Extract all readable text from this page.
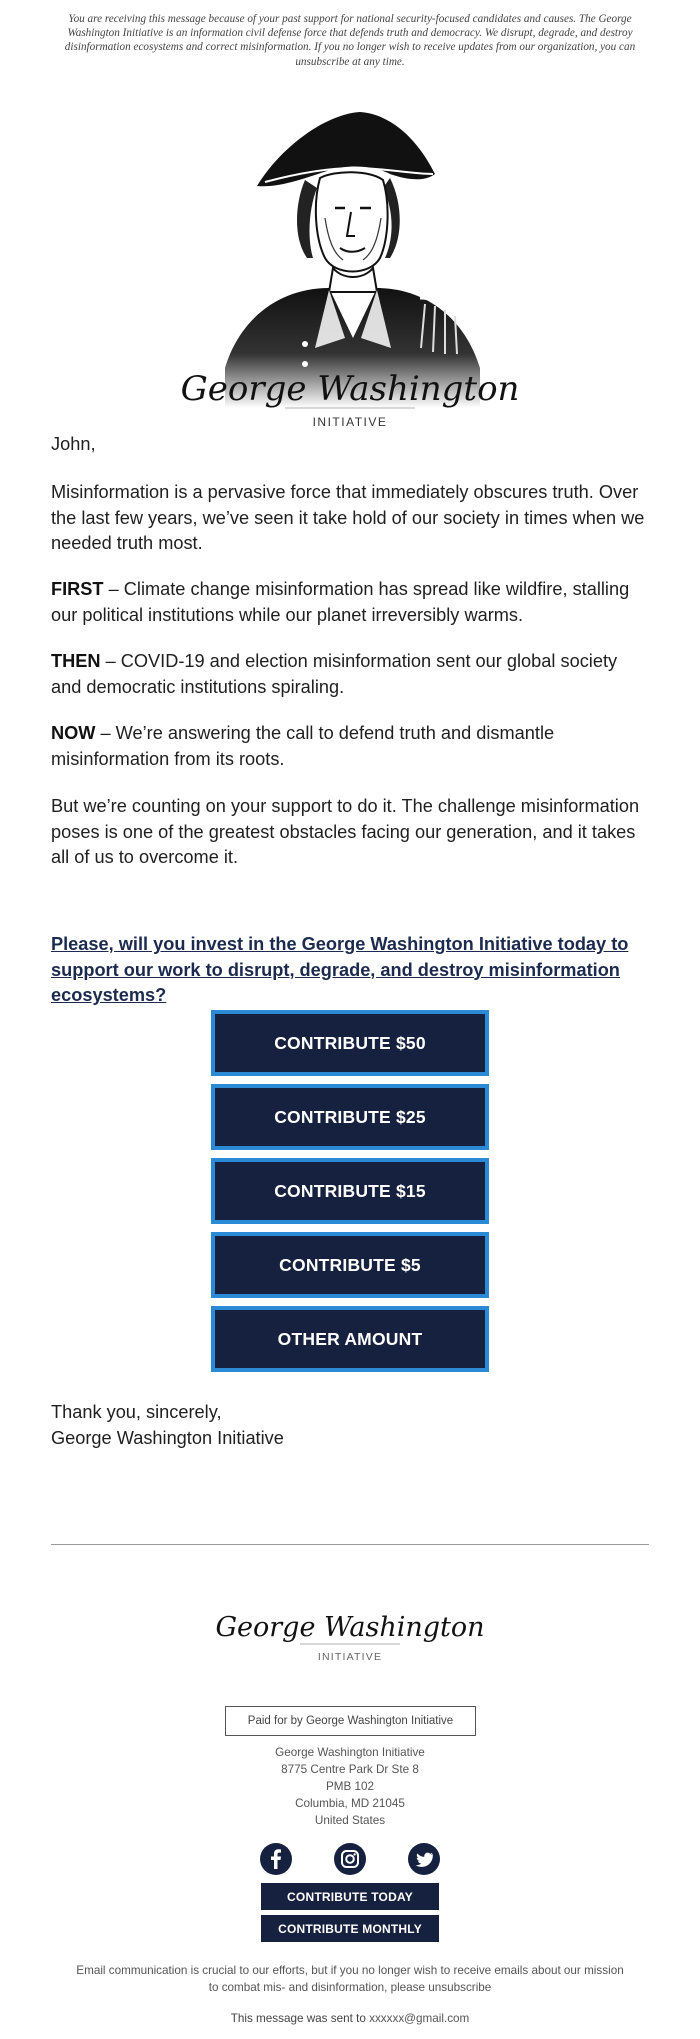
You are receiving this message because of your past support for national security-focused candidates and causes. The George Washington Initiative is an information civil defense force that defends truth and democracy. We disrupt, degrade, and destroy disinformation ecosystems and correct misinformation. If you no longer wish to receive updates from our organization, you can unsubscribe at any time.
George Washington
INITIATIVE
John,
Misinformation is a pervasive force that immediately obscures truth. Over the last few years, we’ve seen it take hold of our society in times when we needed truth most.
FIRST – Climate change misinformation has spread like wildfire, stalling our political institutions while our planet irreversibly warms.
THEN – COVID-19 and election misinformation sent our global society and democratic institutions spiraling.
NOW – We’re answering the call to defend truth and dismantle misinformation from its roots.
But we’re counting on your support to do it. The challenge misinformation poses is one of the greatest obstacles facing our generation, and it takes all of us to overcome it.
Please, will you invest in the George Washington Initiative today to support our work to disrupt, degrade, and destroy misinformation ecosystems?
CONTRIBUTE $50
CONTRIBUTE $25
CONTRIBUTE $15
CONTRIBUTE $5
OTHER AMOUNT
Thank you, sincerely,
George Washington Initiative
George Washington
INITIATIVE
Paid for by George Washington Initiative
George Washington Initiative
8775 Centre Park Dr Ste 8
PMB 102
Columbia, MD 21045
United States
CONTRIBUTE TODAY
CONTRIBUTE MONTHLY
Email communication is crucial to our efforts, but if you no longer wish to receive emails about our mission to combat mis- and disinformation, please unsubscribe
This message was sent to xxxxxx@gmail.com
